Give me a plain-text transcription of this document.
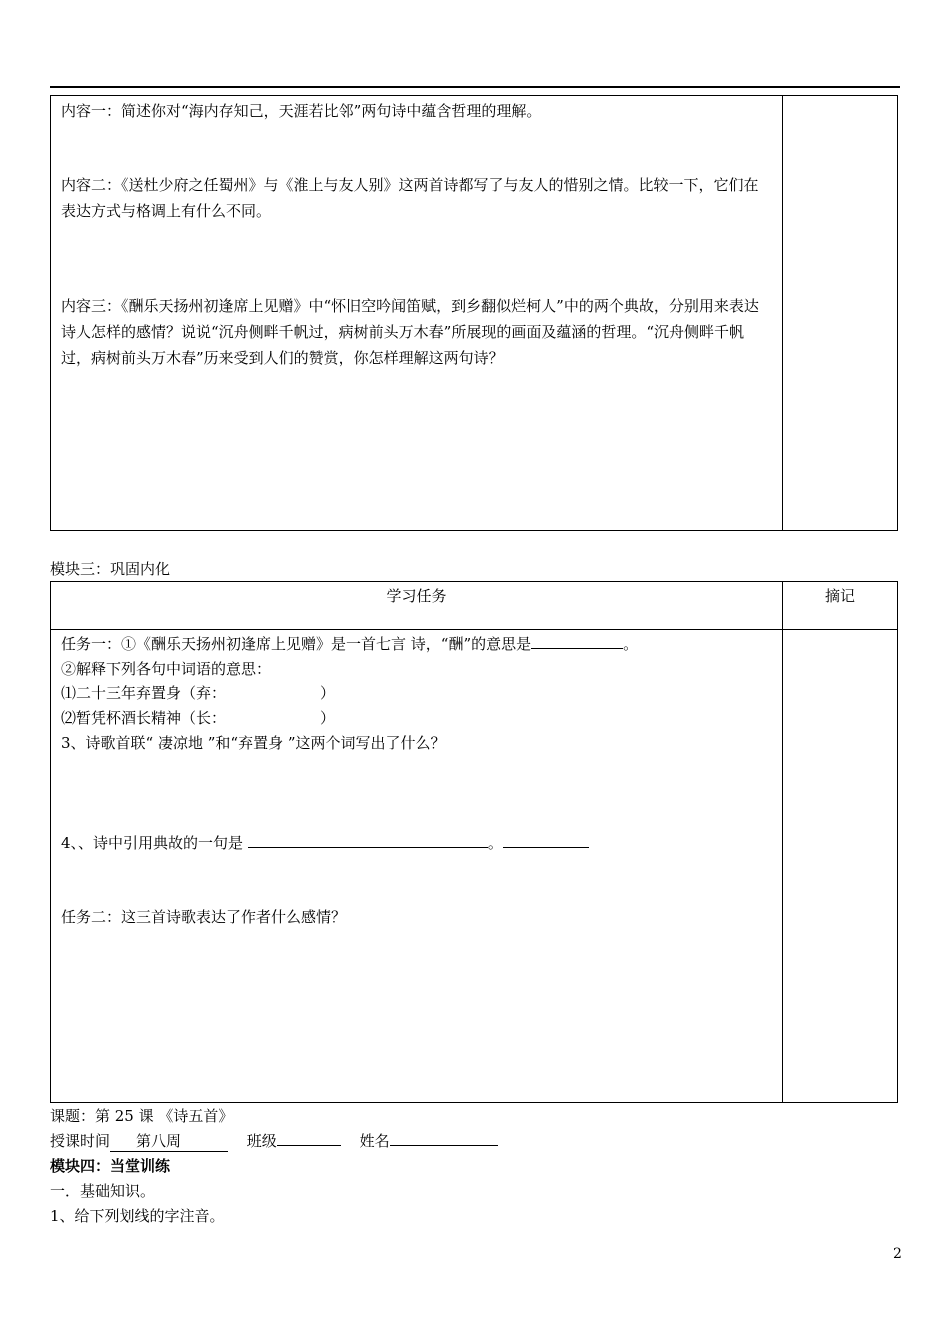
内容一：简述你对“海内存知己，天涯若比邻”两句诗中蕴含哲理的理解。
内容二：《送杜少府之任蜀州》与《淮上与友人别》这两首诗都写了与友人的惜别之情。比较一下，它们在表达方式与格调上有什么不同。
内容三：《酬乐天扬州初逢席上见赠》中“怀旧空吟闻笛赋，到乡翻似烂柯人”中的两个典故，分别用来表达诗人怎样的感情？说说“沉舟侧畔千帆过，病树前头万木春”所展现的画面及蕴涵的哲理。“沉舟侧畔千帆过，病树前头万木春”历来受到人们的赞赏，你怎样理解这两句诗？
模块三：巩固内化
学习任务	摘记
任务一：①《酬乐天扬州初逢席上见赠》是一首七言 诗，“酬”的意思是	。
②解释下列各句中词语的意思：
⑴二十三年弃置身（弃：	）
⑵暂凭杯酒长精神（长：	）
3、诗歌首联“ 凄凉地 ”和“弃置身 ”这两个词写出了什么？
4、、诗中引用典故的一句是	。
任务二：这三首诗歌表达了作者什么感情？
课题：第 25 课 《诗五首》
授课时间 第八周	班级	姓名
模块四：当堂训练
一．基础知识。
1、给下列划线的字注音。
2
